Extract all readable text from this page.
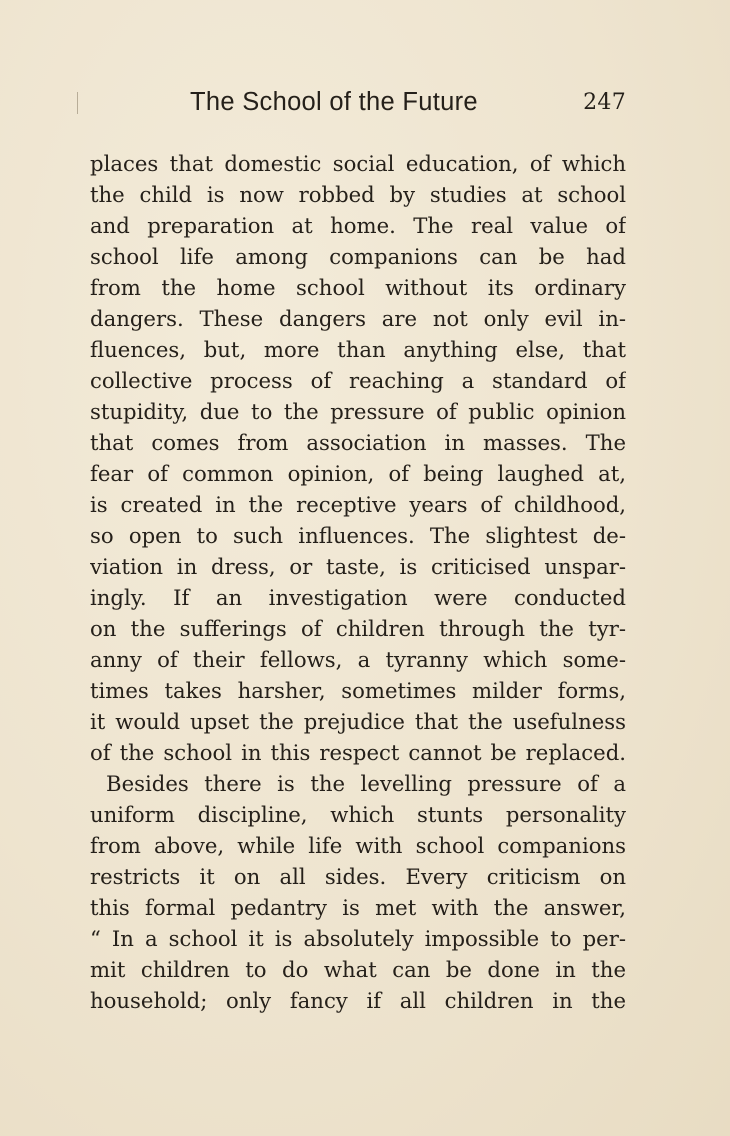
The School of the Future	247
places that domestic social education, of which
the child is now robbed by studies at school
and preparation at home. The real value of
school life among companions can be had
from the home school without its ordinary
dangers. These dangers are not only evil in-
fluences, but, more than anything else, that
collective process of reaching a standard of
stupidity, due to the pressure of public opinion
that comes from association in masses. The
fear of common opinion, of being laughed at,
is created in the receptive years of childhood,
so open to such influences. The slightest de-
viation in dress, or taste, is criticised unspar-
ingly. If an investigation were conducted
on the sufferings of children through the tyr-
anny of their fellows, a tyranny which some-
times takes harsher, sometimes milder forms,
it would upset the prejudice that the usefulness
of the school in this respect cannot be replaced.
Besides there is the levelling pressure of a
uniform discipline, which stunts personality
from above, while life with school companions
restricts it on all sides. Every criticism on
this formal pedantry is met with the answer,
“ In a school it is absolutely impossible to per-
mit children to do what can be done in the
household; only fancy if all children in the
